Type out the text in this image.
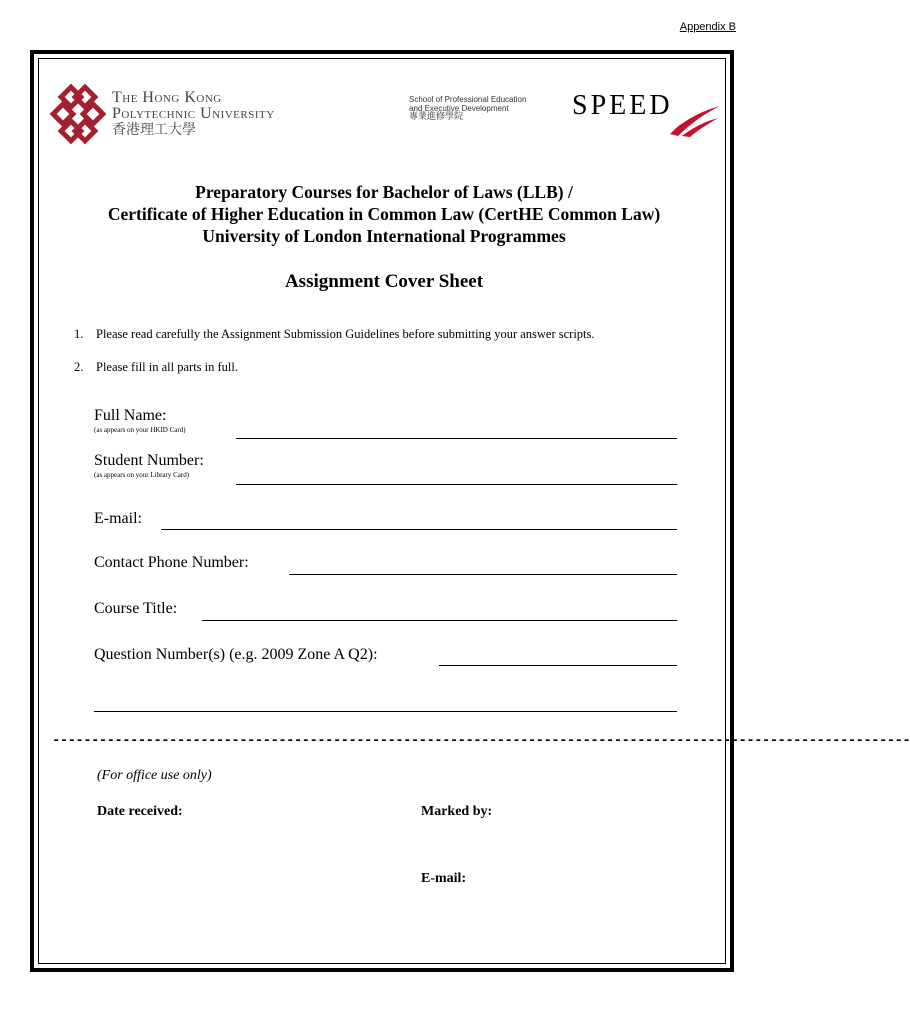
Appendix B
The Hong Kong
Polytechnic University
香港理工大學
School of Professional Education
and Executive Development
專業進修學院	SPEED
Preparatory Courses for Bachelor of Laws (LLB) /
Certificate of Higher Education in Common Law (CertHE Common Law)
University of London International Programmes
Assignment Cover Sheet
1. Please read carefully the Assignment Submission Guidelines before submitting your answer scripts.
2. Please fill in all parts in full.
Full Name:
(as appears on your HKID Card)
Student Number:
(as appears on your Library Card)
E-mail:
Contact Phone Number:
Course Title:
Question Number(s) (e.g. 2009 Zone A Q2):
--------------------------------------------------------------------------------------------------------------
(For office use only)
Date received:	Marked by:
E-mail:
